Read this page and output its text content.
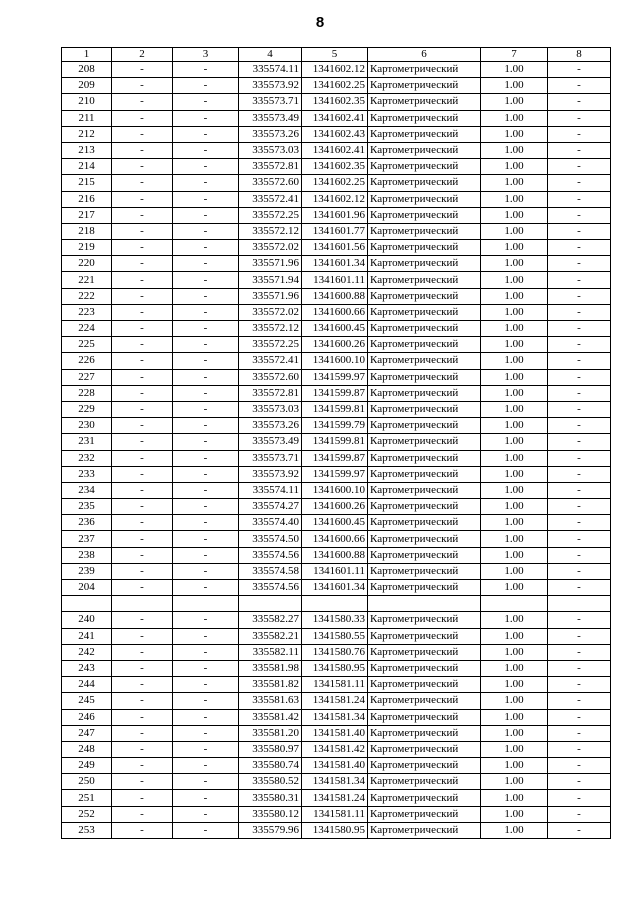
8
1	2	3	4	5	6	7	8
208	-	-	335574.11	1341602.12	Картометрический	1.00	-
209	-	-	335573.92	1341602.25	Картометрический	1.00	-
210	-	-	335573.71	1341602.35	Картометрический	1.00	-
211	-	-	335573.49	1341602.41	Картометрический	1.00	-
212	-	-	335573.26	1341602.43	Картометрический	1.00	-
213	-	-	335573.03	1341602.41	Картометрический	1.00	-
214	-	-	335572.81	1341602.35	Картометрический	1.00	-
215	-	-	335572.60	1341602.25	Картометрический	1.00	-
216	-	-	335572.41	1341602.12	Картометрический	1.00	-
217	-	-	335572.25	1341601.96	Картометрический	1.00	-
218	-	-	335572.12	1341601.77	Картометрический	1.00	-
219	-	-	335572.02	1341601.56	Картометрический	1.00	-
220	-	-	335571.96	1341601.34	Картометрический	1.00	-
221	-	-	335571.94	1341601.11	Картометрический	1.00	-
222	-	-	335571.96	1341600.88	Картометрический	1.00	-
223	-	-	335572.02	1341600.66	Картометрический	1.00	-
224	-	-	335572.12	1341600.45	Картометрический	1.00	-
225	-	-	335572.25	1341600.26	Картометрический	1.00	-
226	-	-	335572.41	1341600.10	Картометрический	1.00	-
227	-	-	335572.60	1341599.97	Картометрический	1.00	-
228	-	-	335572.81	1341599.87	Картометрический	1.00	-
229	-	-	335573.03	1341599.81	Картометрический	1.00	-
230	-	-	335573.26	1341599.79	Картометрический	1.00	-
231	-	-	335573.49	1341599.81	Картометрический	1.00	-
232	-	-	335573.71	1341599.87	Картометрический	1.00	-
233	-	-	335573.92	1341599.97	Картометрический	1.00	-
234	-	-	335574.11	1341600.10	Картометрический	1.00	-
235	-	-	335574.27	1341600.26	Картометрический	1.00	-
236	-	-	335574.40	1341600.45	Картометрический	1.00	-
237	-	-	335574.50	1341600.66	Картометрический	1.00	-
238	-	-	335574.56	1341600.88	Картометрический	1.00	-
239	-	-	335574.58	1341601.11	Картометрический	1.00	-
204	-	-	335574.56	1341601.34	Картометрический	1.00	-

240	-	-	335582.27	1341580.33	Картометрический	1.00	-
241	-	-	335582.21	1341580.55	Картометрический	1.00	-
242	-	-	335582.11	1341580.76	Картометрический	1.00	-
243	-	-	335581.98	1341580.95	Картометрический	1.00	-
244	-	-	335581.82	1341581.11	Картометрический	1.00	-
245	-	-	335581.63	1341581.24	Картометрический	1.00	-
246	-	-	335581.42	1341581.34	Картометрический	1.00	-
247	-	-	335581.20	1341581.40	Картометрический	1.00	-
248	-	-	335580.97	1341581.42	Картометрический	1.00	-
249	-	-	335580.74	1341581.40	Картометрический	1.00	-
250	-	-	335580.52	1341581.34	Картометрический	1.00	-
251	-	-	335580.31	1341581.24	Картометрический	1.00	-
252	-	-	335580.12	1341581.11	Картометрический	1.00	-
253	-	-	335579.96	1341580.95	Картометрический	1.00	-
